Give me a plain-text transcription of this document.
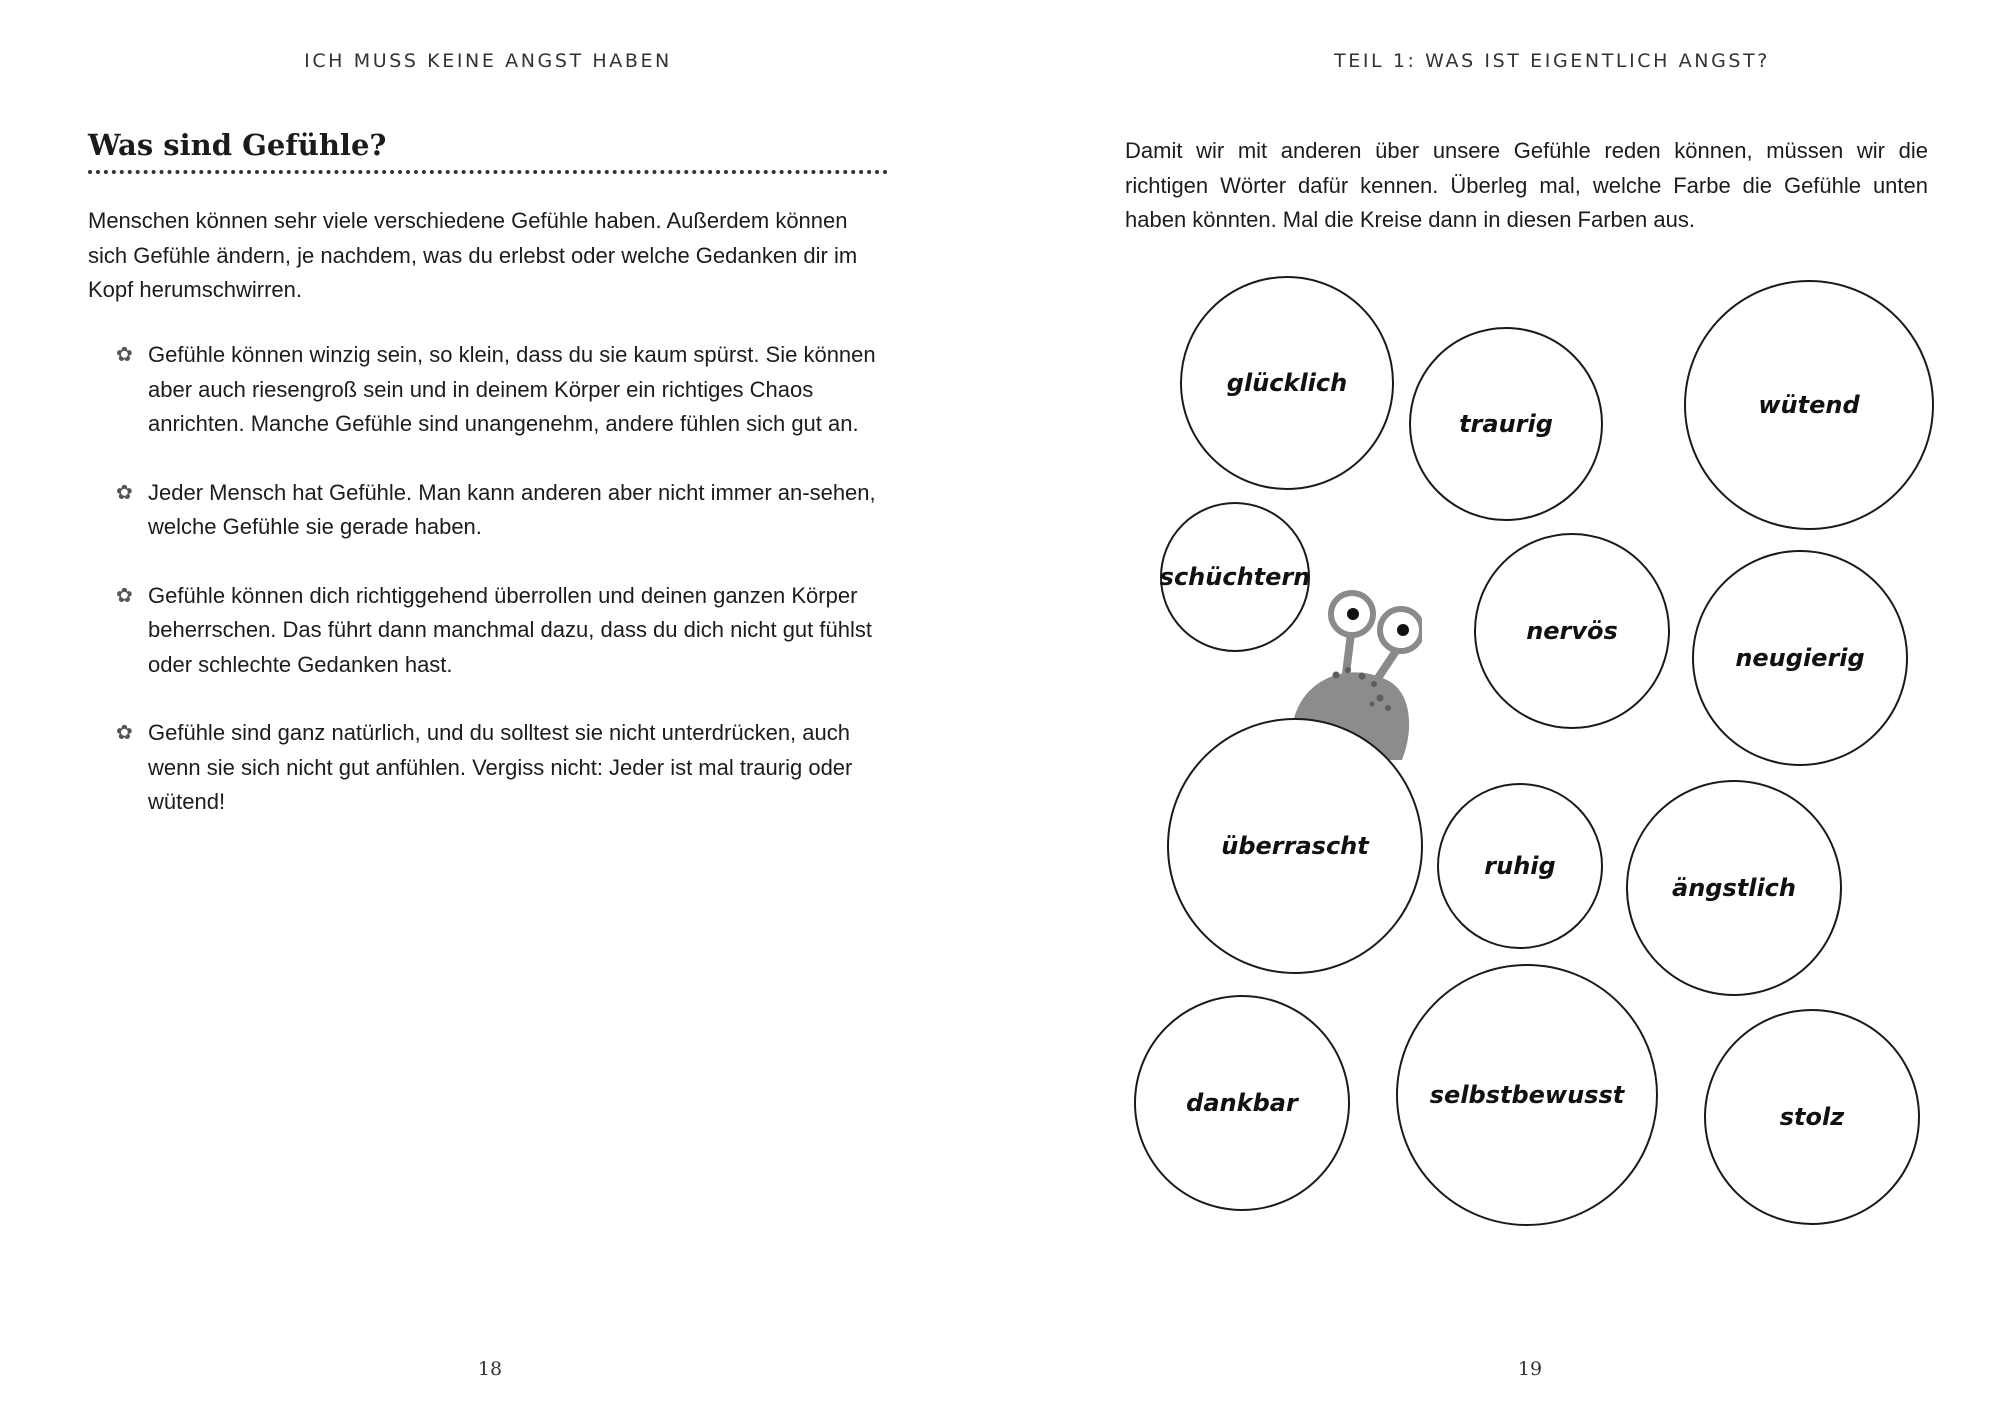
ICH MUSS KEINE ANGST HABEN

Was sind Gefühle?

Menschen können sehr viele verschiedene Gefühle haben. Außerdem können sich Gefühle ändern, je nachdem, was du erlebst oder welche Gedanken dir im Kopf herumschwirren.

✿ Gefühle können winzig sein, so klein, dass du sie kaum spürst. Sie können aber auch riesengroß sein und in deinem Körper ein richtiges Chaos anrichten. Manche Gefühle sind unangenehm, andere fühlen sich gut an.
✿ Jeder Mensch hat Gefühle. Man kann anderen aber nicht immer an-sehen, welche Gefühle sie gerade haben.
✿ Gefühle können dich richtiggehend überrollen und deinen ganzen Körper beherrschen. Das führt dann manchmal dazu, dass du dich nicht gut fühlst oder schlechte Gedanken hast.
✿ Gefühle sind ganz natürlich, und du solltest sie nicht unterdrücken, auch wenn sie sich nicht gut anfühlen. Vergiss nicht: Jeder ist mal traurig oder wütend!

18

TEIL 1: WAS IST EIGENTLICH ANGST?

Damit wir mit anderen über unsere Gefühle reden können, müssen wir die richtigen Wörter dafür kennen. Überleg mal, welche Farbe die Gefühle unten haben könnten. Mal die Kreise dann in diesen Farben aus.

glücklich
traurig
wütend
schüchtern
nervös
neugierig
überrascht
ruhig
ängstlich
dankbar	selbstbewusst
stolz

19
